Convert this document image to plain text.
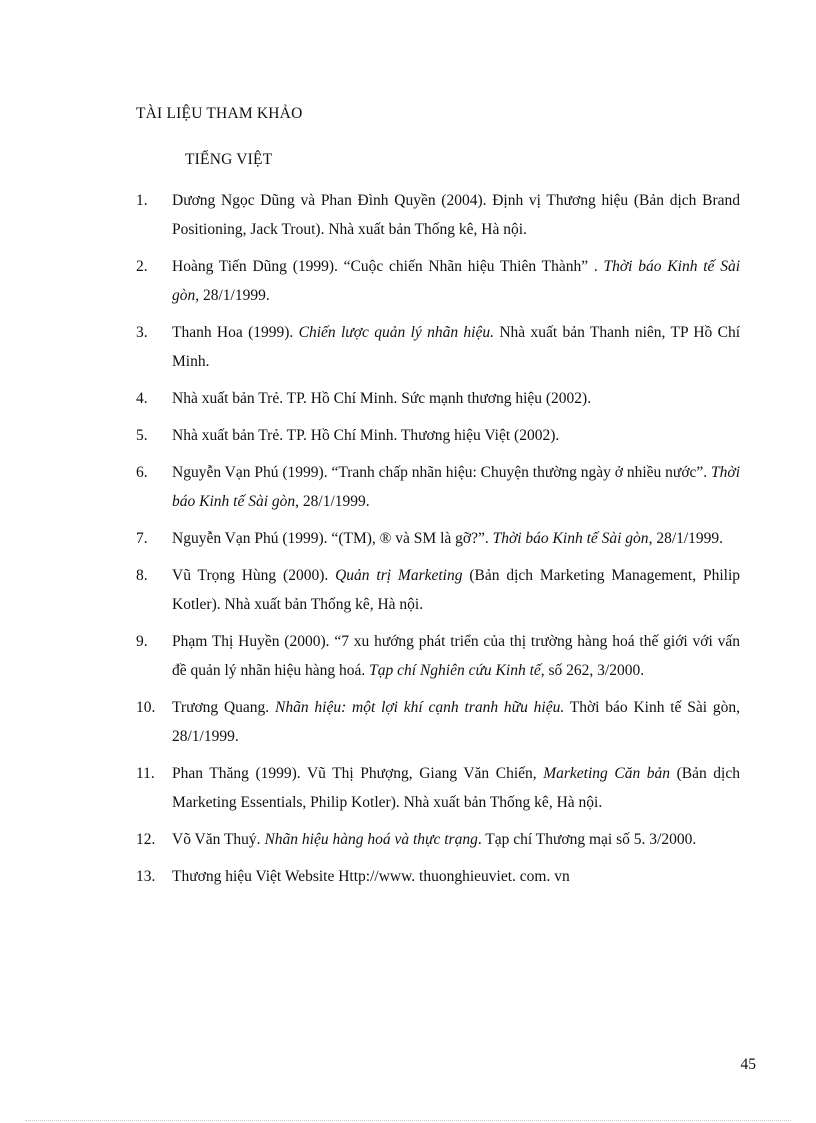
TÀI LIỆU THAM KHẢO
TIẾNG VIỆT
1.	Dương Ngọc Dũng và Phan Đình Quyền (2004). Định vị Thương hiệu (Bản dịch Brand Positioning, Jack Trout). Nhà xuất bản Thống kê, Hà nội.
2.	Hoàng Tiến Dũng (1999). “Cuộc chiến Nhãn hiệu Thiên Thành” . Thời báo Kinh tế Sài gòn, 28/1/1999.
3.	Thanh Hoa (1999). Chiến lược quản lý nhãn hiệu. Nhà xuất bản Thanh niên, TP Hồ Chí Minh.
4.	Nhà xuất bản Trẻ. TP. Hồ Chí Minh. Sức mạnh thương hiệu (2002).
5.	Nhà xuất bản Trẻ. TP. Hồ Chí Minh. Thương hiệu Việt (2002).
6.	Nguyễn Vạn Phú (1999). “Tranh chấp nhãn hiệu: Chuyện thường ngày ở nhiều nước”. Thời báo Kinh tế Sài gòn, 28/1/1999.
7.	Nguyễn Vạn Phú (1999). “(TM), ® và SM là gỡ?”. Thời báo Kinh tế Sài gòn, 28/1/1999.
8.	Vũ Trọng Hùng (2000). Quản trị Marketing (Bản dịch Marketing Management, Philip Kotler). Nhà xuất bản Thống kê, Hà nội.
9.	Phạm Thị Huyền (2000). “7 xu hướng phát triển của thị trường hàng hoá thế giới với vấn đề quản lý nhãn hiệu hàng hoá. Tạp chí Nghiên cứu Kinh tế, số 262, 3/2000.
10.	Trương Quang. Nhãn hiệu: một lợi khí cạnh tranh hữu hiệu. Thời báo Kinh tế Sài gòn, 28/1/1999.
11.	Phan Thăng (1999). Vũ Thị Phượng, Giang Văn Chiến, Marketing Căn bản (Bản dịch Marketing Essentials, Philip Kotler). Nhà xuất bản Thống kê, Hà nội.
12.	Võ Văn Thuý. Nhãn hiệu hàng hoá và thực trạng. Tạp chí Thương mại số 5. 3/2000.
13.	Thương hiệu Việt Website Http://www. thuonghieuviet. com. vn
45
